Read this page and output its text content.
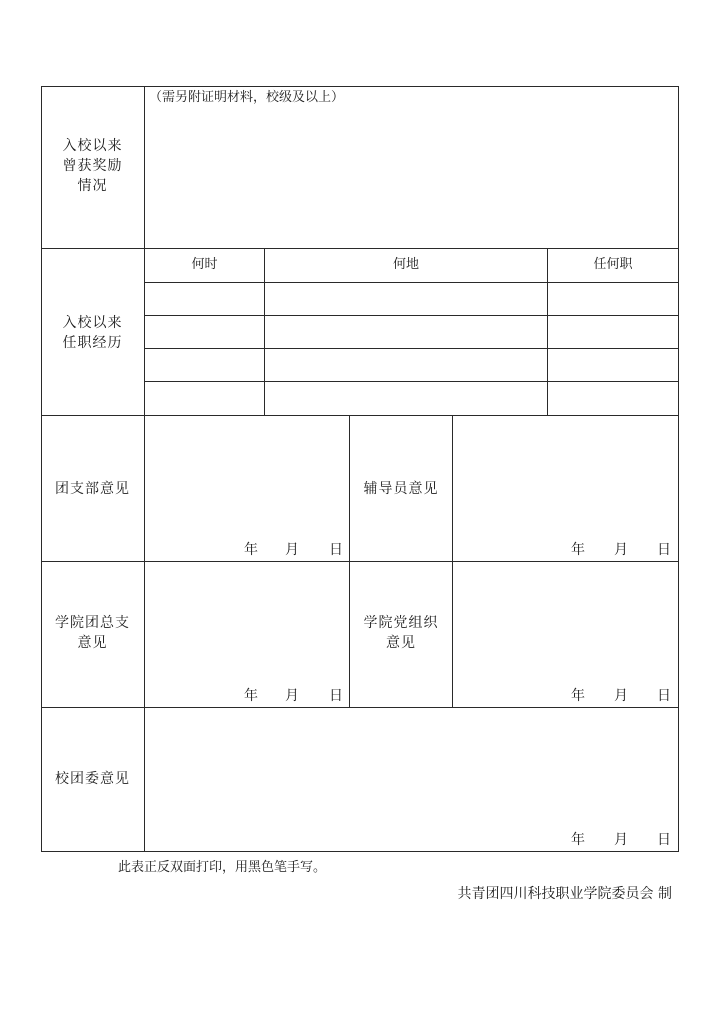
入校以来
曾获奖励
情况
（需另附证明材料，校级及以上）
入校以来
任职经历
何时	何地	任何职
团支部意见
年 月 日
辅导员意见
年 月 日
学院团总支
意见
年 月 日
学院党组织
意见
年 月 日
校团委意见
年 月 日
此表正反双面打印，用黑色笔手写。
共青团四川科技职业学院委员会 制
